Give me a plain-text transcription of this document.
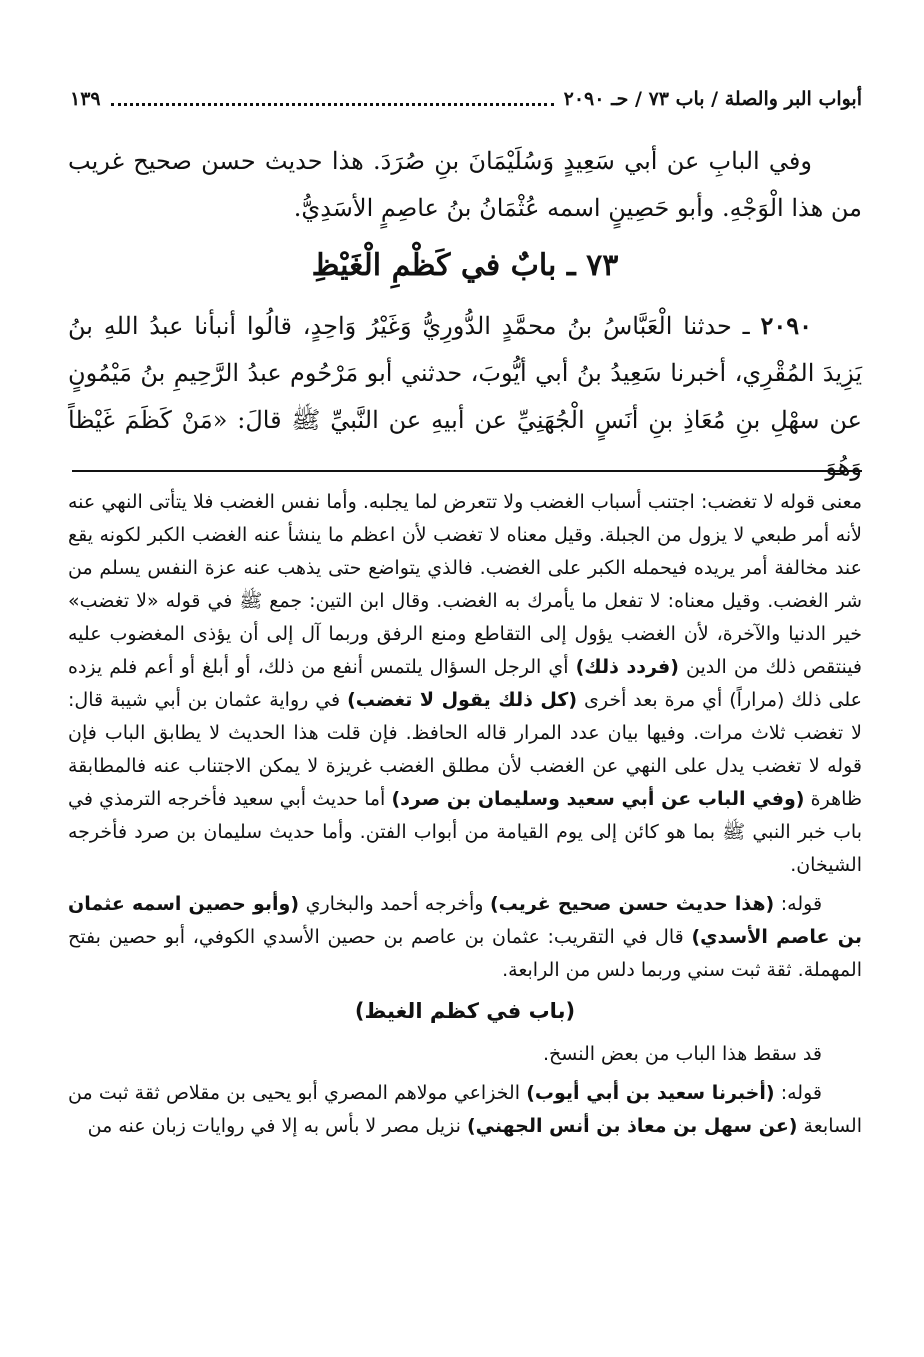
أبواب البر والصلة / باب ٧٣ / حـ ٢٠٩٠
١٣٩

وفي البابِ عن أبي سَعِيدٍ وَسُلَيْمَانَ بنِ صُرَدَ. هذا حديث حسن صحيح غريب من هذا الْوَجْهِ. وأبو حَصِينٍ اسمه عُثْمَانُ بنُ عاصِمٍ الأسَدِيُّ.

٧٣ ـ بابٌ في كَظْمِ الْغَيْظِ

٢٠٩٠ ـ حدثنا الْعَبَّاسُ بنُ محمَّدٍ الدُّورِيُّ وَغَيْرُ وَاحِدٍ، قالُوا أنبأنا عبدُ اللهِ بنُ يَزِيدَ المُقْرِي، أخبرنا سَعِيدُ بنُ أبي أيُّوبَ، حدثني أبو مَرْحُوم عبدُ الرَّحِيمِ بنُ مَيْمُونٍ عن سهْلِ بنِ مُعَاذِ بنِ أنَسٍ الْجُهَنِيِّ عن أبيهِ عن النَّبيِّ ﷺ قالَ: «مَنْ كَظَمَ غَيْظاً وَهُوَ

معنى قوله لا تغضب: اجتنب أسباب الغضب ولا تتعرض لما يجلبه. وأما نفس الغضب فلا يتأتى النهي عنه لأنه أمر طبعي لا يزول من الجبلة. وقيل معناه لا تغضب لأن اعظم ما ينشأ عنه الغضب الكبر لكونه يقع عند مخالفة أمر يريده فيحمله الكبر على الغضب. فالذي يتواضع حتى يذهب عنه عزة النفس يسلم من شر الغضب. وقيل معناه: لا تفعل ما يأمرك به الغضب. وقال ابن التين: جمع ﷺ في قوله «لا تغضب» خير الدنيا والآخرة، لأن الغضب يؤول إلى التقاطع ومنع الرفق وربما آل إلى أن يؤذى المغضوب عليه فينتقص ذلك من الدين (فردد ذلك) أي الرجل السؤال يلتمس أنفع من ذلك، أو أبلغ أو أعم فلم يزده على ذلك (مراراً) أي مرة بعد أخرى (كل ذلك يقول لا تغضب) في رواية عثمان بن أبي شيبة قال: لا تغضب ثلاث مرات. وفيها بيان عدد المرار قاله الحافظ. فإن قلت هذا الحديث لا يطابق الباب فإن قوله لا تغضب يدل على النهي عن الغضب لأن مطلق الغضب غريزة لا يمكن الاجتناب عنه فالمطابقة ظاهرة (وفي الباب عن أبي سعيد وسليمان بن صرد) أما حديث أبي سعيد فأخرجه الترمذي في باب خبر النبي ﷺ بما هو كائن إلى يوم القيامة من أبواب الفتن. وأما حديث سليمان بن صرد فأخرجه الشيخان.

قوله: (هذا حديث حسن صحيح غريب) وأخرجه أحمد والبخاري (وأبو حصين اسمه عثمان بن عاصم الأسدي) قال في التقريب: عثمان بن عاصم بن حصين الأسدي الكوفي، أبو حصين بفتح المهملة. ثقة ثبت سني وربما دلس من الرابعة.

(باب في كظم الغيظ)

قد سقط هذا الباب من بعض النسخ.

قوله: (أخبرنا سعيد بن أبي أيوب) الخزاعي مولاهم المصري أبو يحيى بن مقلاص ثقة ثبت من السابعة (عن سهل بن معاذ بن أنس الجهني) نزيل مصر لا بأس به إلا في روايات زبان عنه من
